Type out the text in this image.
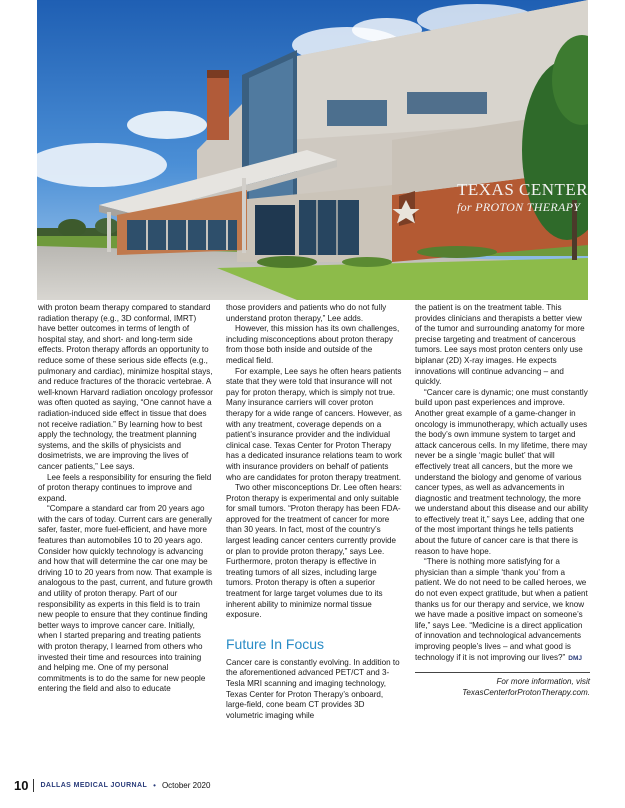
TEXAS CENTER
for PROTON THERAPY

with proton beam therapy compared to standard radiation therapy (e.g., 3D conformal, IMRT) have better outcomes in terms of length of hospital stay, and short- and long-term side effects. Proton therapy affords an opportunity to reduce some of these serious side effects (e.g., pulmonary and cardiac), minimize hospital stays, and reduce fractures of the thoracic vertebrae. A well-known Harvard radiation oncology professor was often quoted as saying, “One cannot have a radiation-induced side effect in tissue that does not receive radiation.” By learning how to best apply the technology, the treatment planning systems, and the skills of physicists and dosimetrists, we are improving the lives of cancer patients,” Lee says.

Lee feels a responsibility for ensuring the field of proton therapy continues to improve and expand.

“Compare a standard car from 20 years ago with the cars of today. Current cars are generally safer, faster, more fuel-efficient, and have more features than automobiles 10 to 20 years ago. Consider how quickly technology is advancing and how that will determine the car one may be driving 10 to 20 years from now. That example is analogous to the past, current, and future growth and utility of proton therapy. Part of our responsibility as experts in this field is to train new people to ensure that they continue finding better ways to improve cancer care. Initially, when I started preparing and treating patients with proton therapy, I learned from others who invested their time and resources into training and helping me. One of my personal commitments is to do the same for new people entering the field and also to educate

those providers and patients who do not fully understand proton therapy,” Lee adds.

However, this mission has its own challenges, including misconceptions about proton therapy from those both inside and outside of the medical field.

For example, Lee says he often hears patients state that they were told that insurance will not pay for proton therapy, which is simply not true. Many insurance carriers will cover proton therapy for a wide range of cancers. However, as with any treatment, coverage depends on a patient’s insurance provider and the individual clinical case. Texas Center for Proton Therapy has a dedicated insurance relations team to work with insurance providers on behalf of patients who are candidates for proton therapy treatment.

Two other misconceptions Dr. Lee often hears: Proton therapy is experimental and only suitable for small tumors. “Proton therapy has been FDA-approved for the treatment of cancer for more than 30 years. In fact, most of the country’s largest leading cancer centers currently provide or plan to provide proton therapy,” says Lee. Furthermore, proton therapy is effective in treating tumors of all sizes, including large tumors. Proton therapy is often a superior treatment for large target volumes due to its inherent ability to minimize normal tissue exposure.

Future In Focus

Cancer care is constantly evolving. In addition to the aforementioned advanced PET/CT and 3-Tesla MRI scanning and imaging technology, Texas Center for Proton Therapy’s onboard, large-field, cone beam CT provides 3D volumetric imaging while

the patient is on the treatment table. This provides clinicians and therapists a better view of the tumor and surrounding anatomy for more precise targeting and treatment of cancerous tumors. Lee says most proton centers only use biplanar (2D) X-ray images. He expects innovations will continue advancing – and quickly.

“Cancer care is dynamic; one must constantly build upon past experiences and improve. Another great example of a game-changer in oncology is immunotherapy, which actually uses the body’s own immune system to target and attack cancerous cells. In my lifetime, there may never be a single ‘magic bullet’ that will effectively treat all cancers, but the more we understand the biology and genome of various cancer types, as well as advancements in diagnostic and treatment technology, the more we understand about this disease and our ability to effectively treat it,” says Lee, adding that one of the most important things he tells patients about the future of cancer care is that there is reason to have hope.

“There is nothing more satisfying for a physician than a simple ‘thank you’ from a patient. We do not need to be called heroes, we do not even expect gratitude, but when a patient thanks us for our therapy and service, we know we have made a positive impact on someone’s life,” says Lee. “Medicine is a direct application of innovation and technological advancements improving people’s lives – and what good is technology if it is not improving our lives?” DMJ

For more information, visit
TexasCenterforProtonTherapy.com.
10 DALLAS MEDICAL JOURNAL • October 2020
